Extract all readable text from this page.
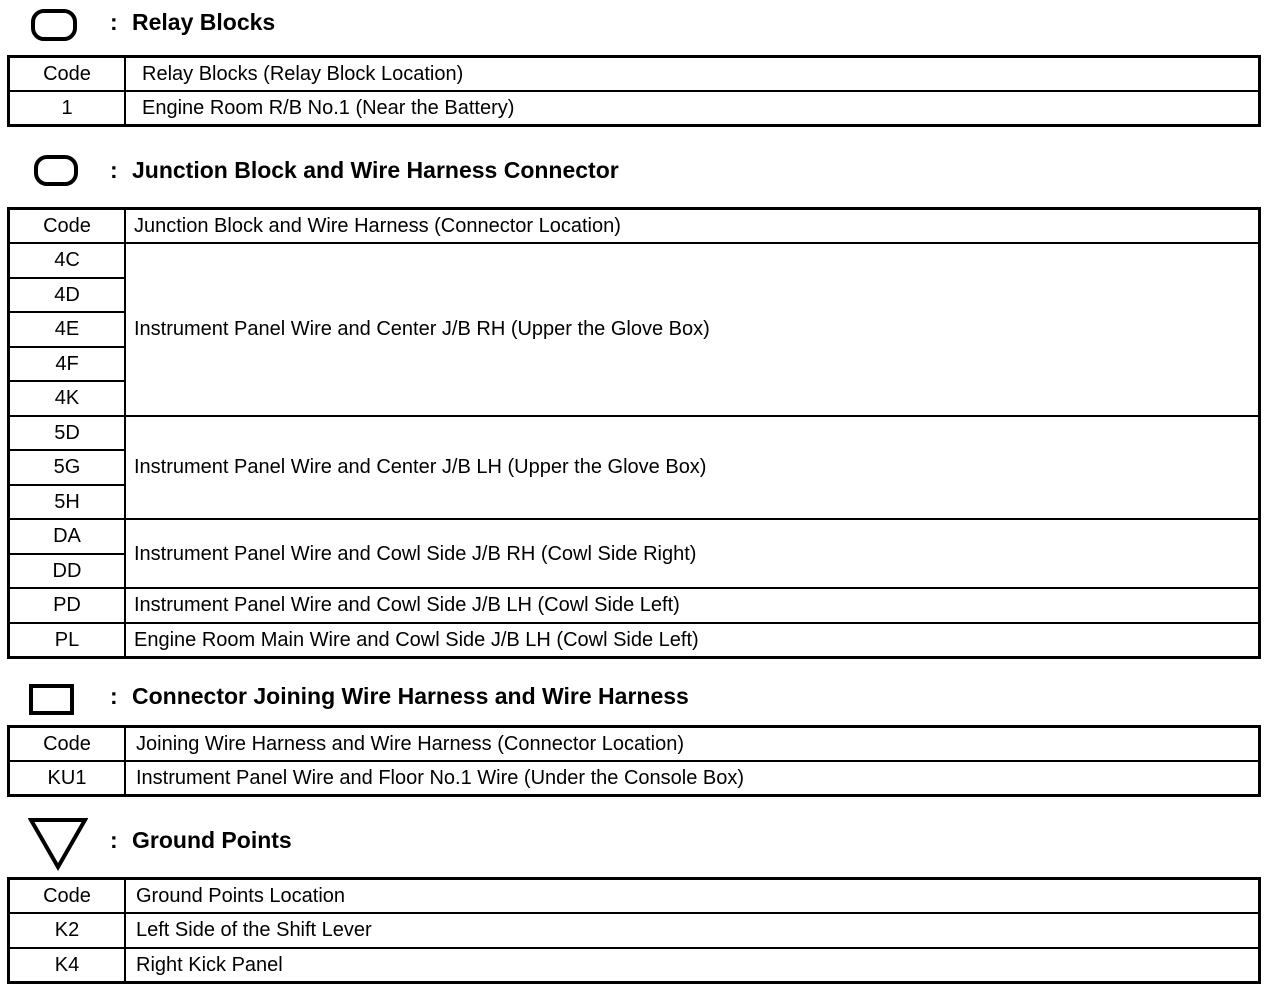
: Relay Blocks
Code	Relay Blocks (Relay Block Location)
1	Engine Room R/B No.1 (Near the Battery)
: Junction Block and Wire Harness Connector
Code	Junction Block and Wire Harness (Connector Location)
4C	Instrument Panel Wire and Center J/B RH (Upper the Glove Box)
4D	
4E	
4F	
4K	
5D	Instrument Panel Wire and Center J/B LH (Upper the Glove Box)
5G	
5H	
DA	Instrument Panel Wire and Cowl Side J/B RH (Cowl Side Right)
DD	
PD	Instrument Panel Wire and Cowl Side J/B LH (Cowl Side Left)
PL	Engine Room Main Wire and Cowl Side J/B LH (Cowl Side Left)
: Connector Joining Wire Harness and Wire Harness
Code	Joining Wire Harness and Wire Harness (Connector Location)
KU1	Instrument Panel Wire and Floor No.1 Wire (Under the Console Box)
: Ground Points
Code	Ground Points Location
K2	Left Side of the Shift Lever
K4	Right Kick Panel
